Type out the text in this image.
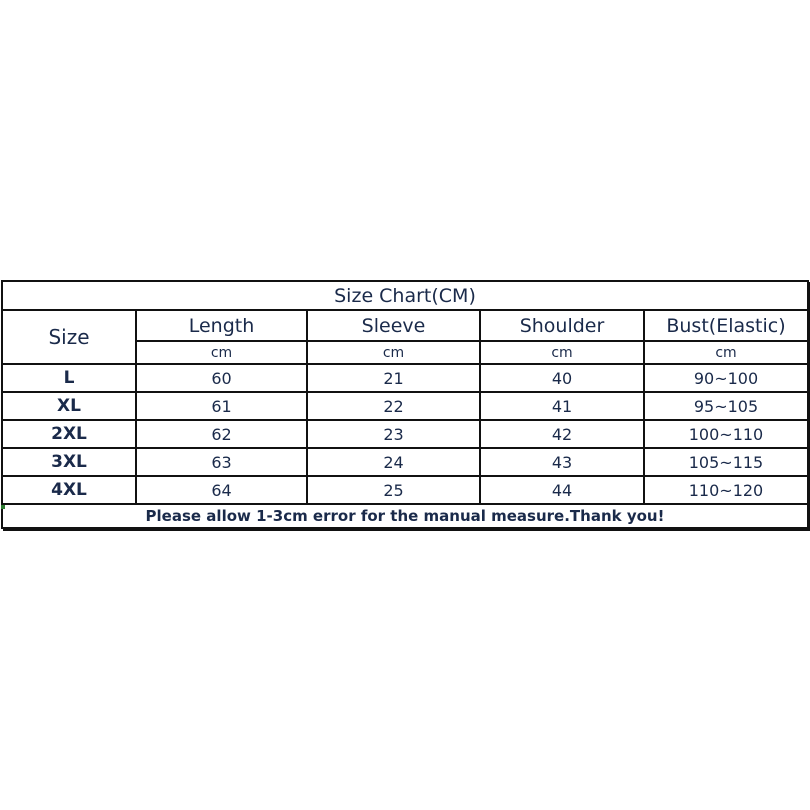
Size Chart(CM)				
Size	Length	Sleeve	Shoulder	Bust(Elastic)
	cm	cm	cm	cm
L	60	21	40	90~100
XL	61	22	41	95~105
2XL	62	23	42	100~110
3XL	63	24	43	105~115
4XL	64	25	44	110~120
Please allow 1-3cm error for the manual measure.Thank you!				
